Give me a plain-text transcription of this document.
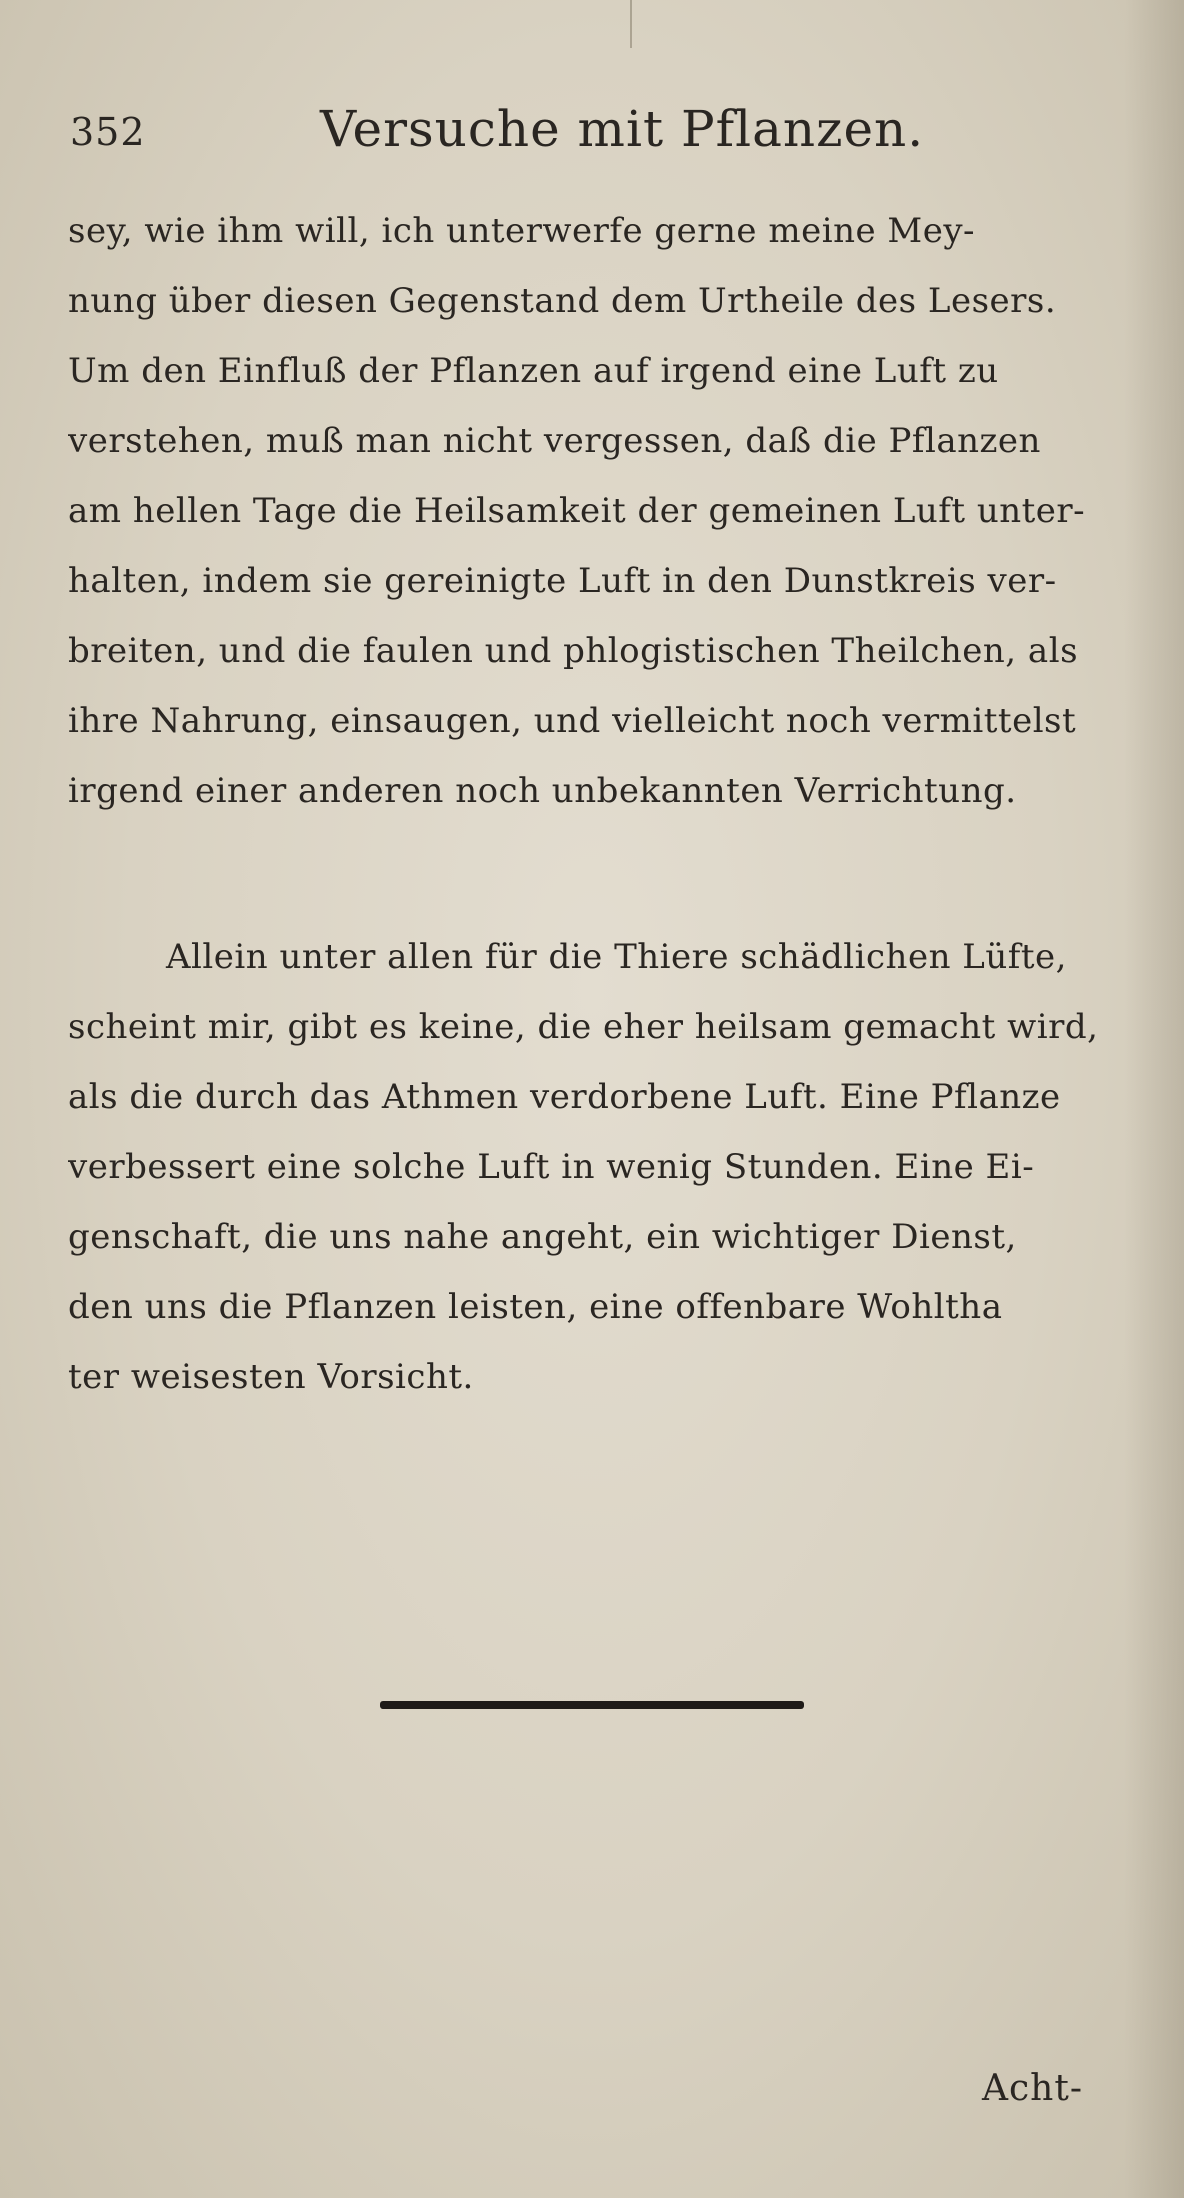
352	Versuche mit Pflanzen.
sey, wie ihm will, ich unterwerfe gerne meine Mey-
nung über diesen Gegenstand dem Urtheile des Lesers.
Um den Einfluß der Pflanzen auf irgend eine Luft zu
verstehen, muß man nicht vergessen, daß die Pflanzen
am hellen Tage die Heilsamkeit der gemeinen Luft unter-
halten, indem sie gereinigte Luft in den Dunstkreis ver-
breiten, und die faulen und phlogistischen Theilchen, als
ihre Nahrung, einsaugen, und vielleicht noch vermittelst
irgend einer anderen noch unbekannten Verrichtung.
Allein unter allen für die Thiere schädlichen Lüfte,
scheint mir, gibt es keine, die eher heilsam gemacht wird,
als die durch das Athmen verdorbene Luft. Eine Pflanze
verbessert eine solche Luft in wenig Stunden. Eine Ei-
genschaft, die uns nahe angeht, ein wichtiger Dienst,
den uns die Pflanzen leisten, eine offenbare Wohltha
ter weisesten Vorsicht.
Acht-
